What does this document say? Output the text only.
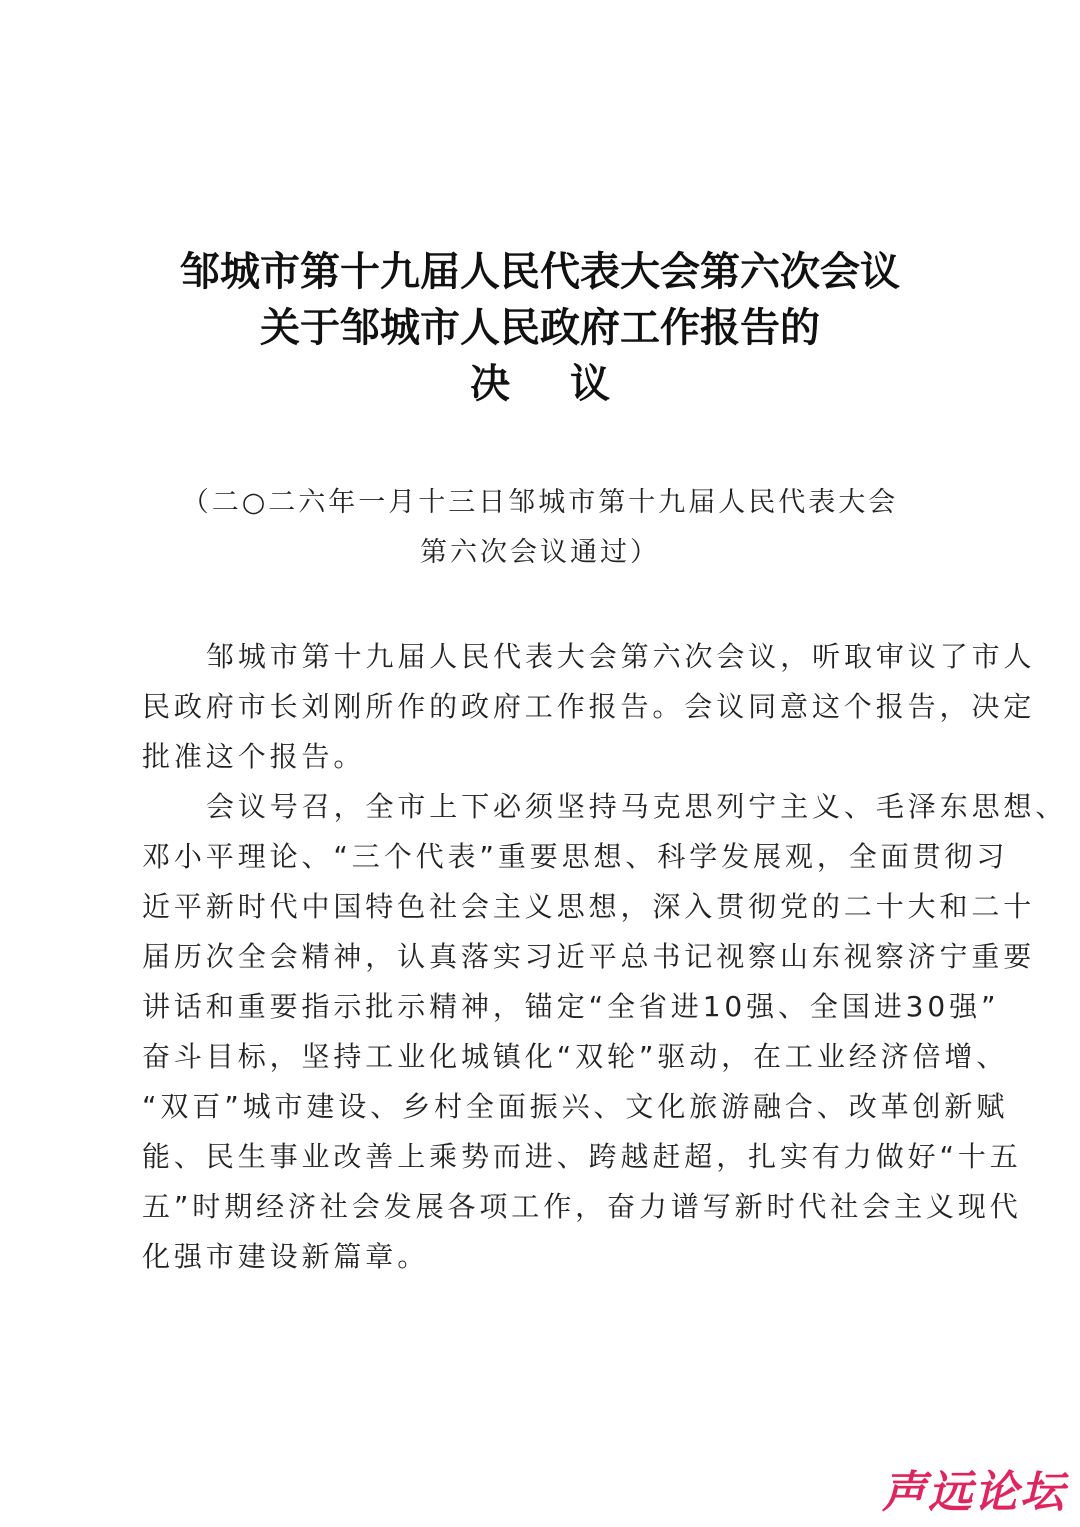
邹城市第十九届人民代表大会第六次会议
关于邹城市人民政府工作报告的
决议
（二○二六年一月十三日邹城市第十九届人民代表大会
第六次会议通过）
邹城市第十九届人民代表大会第六次会议，听取审议了市人
民政府市长刘刚所作的政府工作报告。会议同意这个报告，决定
批准这个报告。
会议号召，全市上下必须坚持马克思列宁主义、毛泽东思想、
邓小平理论、“三个代表”重要思想、科学发展观，全面贯彻习
近平新时代中国特色社会主义思想，深入贯彻党的二十大和二十
届历次全会精神，认真落实习近平总书记视察山东视察济宁重要
讲话和重要指示批示精神，锚定“全省进10强、全国进30强”
奋斗目标，坚持工业化城镇化“双轮”驱动，在工业经济倍增、
“双百”城市建设、乡村全面振兴、文化旅游融合、改革创新赋
能、民生事业改善上乘势而进、跨越赶超，扎实有力做好“十五
五”时期经济社会发展各项工作，奋力谱写新时代社会主义现代
化强市建设新篇章。
声远论坛
